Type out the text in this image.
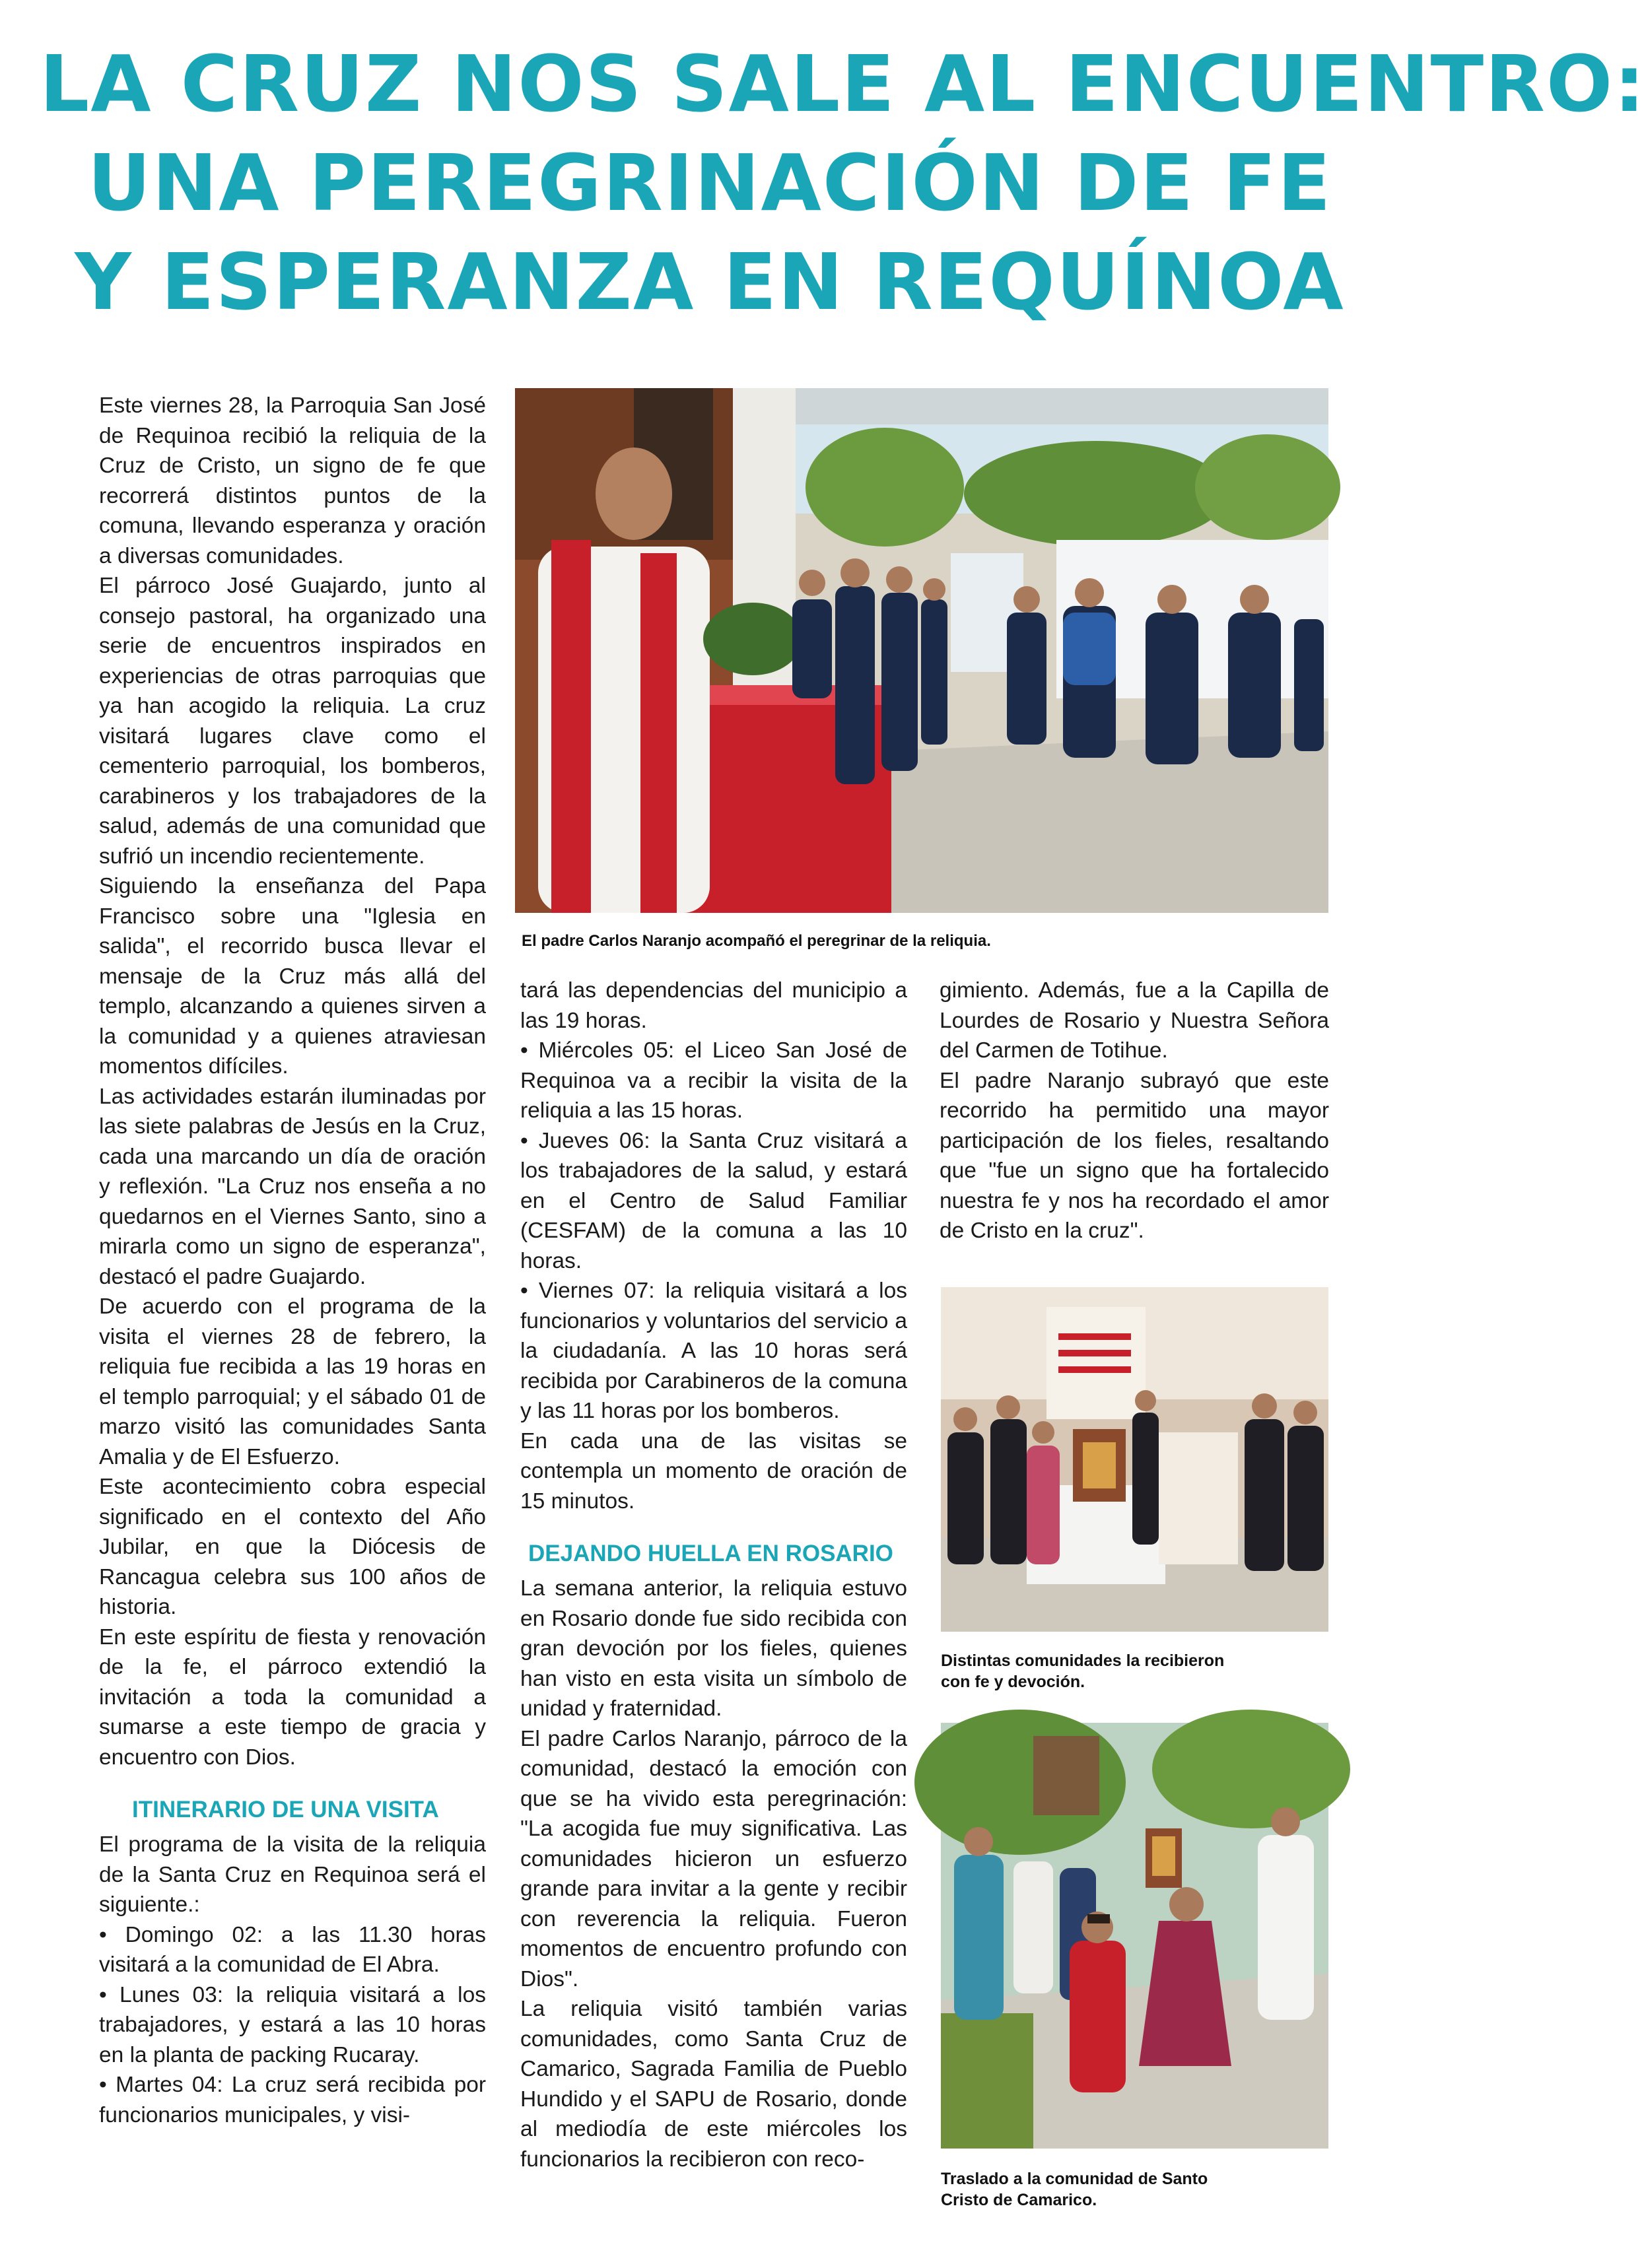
LA CRUZ NOS SALE AL ENCUENTRO:
UNA PEREGRINACIÓN DE FE
Y ESPERANZA EN REQUÍNOA
El padre Carlos Naranjo acompañó el peregrinar de la reliquia.

Este viernes 28, la Parroquia San José de Requinoa recibió la reliquia de la Cruz de Cristo, un signo de fe que recorrerá distintos puntos de la comuna, llevando esperanza y oración a diversas comunidades.

El párroco José Guajardo, junto al consejo pastoral, ha organizado una serie de encuentros inspirados en experiencias de otras parroquias que ya han acogido la reliquia. La cruz visitará lugares clave como el cementerio parroquial, los bomberos, carabineros y los trabajadores de la salud, además de una comunidad que sufrió un incendio recientemente.

Siguiendo la enseñanza del Papa Francisco sobre una "Iglesia en salida", el recorrido busca llevar el mensaje de la Cruz más allá del templo, alcanzando a quienes sirven a la comunidad y a quienes atraviesan momentos difíciles.

Las actividades estarán iluminadas por las siete palabras de Jesús en la Cruz, cada una marcando un día de oración y reflexión. "La Cruz nos enseña a no quedarnos en el Viernes Santo, sino a mirarla como un signo de esperanza", destacó el padre Guajardo.

De acuerdo con el programa de la visita el viernes 28 de febrero, la reliquia fue recibida a las 19 horas en el templo parroquial; y el sábado 01 de marzo visitó las comunidades Santa Amalia y de El Esfuerzo.

Este acontecimiento cobra especial significado en el contexto del Año Jubilar, en que la Diócesis de Rancagua celebra sus 100 años de historia.

En este espíritu de fiesta y renovación de la fe, el párroco extendió la invitación a toda la comunidad a sumarse a este tiempo de gracia y encuentro con Dios.

ITINERARIO DE UNA VISITA

El programa de la visita de la reliquia de la Santa Cruz en Requinoa será el siguiente.:

• Domingo 02: a las 11.30 horas visitará a la comunidad de El Abra.

• Lunes 03: la reliquia visitará a los trabajadores, y estará a las 10 horas en la planta de packing Rucaray.

• Martes 04: La cruz será recibida por funcionarios municipales, y visi-

tará las dependencias del municipio a las 19 horas.

• Miércoles 05: el Liceo San José de Requinoa va a recibir la visita de la reliquia a las 15 horas.

• Jueves 06: la Santa Cruz visitará a los trabajadores de la salud, y estará en el Centro de Salud Familiar (CESFAM) de la comuna a las 10 horas.

• Viernes 07: la reliquia visitará a los funcionarios y voluntarios del servicio a la ciudadanía. A las 10 horas será recibida por Carabineros de la comuna y las 11 horas por los bomberos.

En cada una de las visitas se contempla un momento de oración de 15 minutos.

DEJANDO HUELLA EN ROSARIO

La semana anterior, la reliquia estuvo en Rosario donde fue sido recibida con gran devoción por los fieles, quienes han visto en esta visita un símbolo de unidad y fraternidad.

El padre Carlos Naranjo, párroco de la comunidad, destacó la emoción con que se ha vivido esta peregrinación: "La acogida fue muy significativa. Las comunidades hicieron un esfuerzo grande para invitar a la gente y recibir con reverencia la reliquia. Fueron momentos de encuentro profundo con Dios".

La reliquia visitó también varias comunidades, como Santa Cruz de Camarico, Sagrada Familia de Pueblo Hundido y el SAPU de Rosario, donde al mediodía de este miércoles los funcionarios la recibieron con reco-

gimiento. Además, fue a la Capilla de Lourdes de Rosario y Nuestra Señora del Carmen de Totihue.

El padre Naranjo subrayó que este recorrido ha permitido una mayor participación de los fieles, resaltando que "fue un signo que ha fortalecido nuestra fe y nos ha recordado el amor de Cristo en la cruz".

Distintas comunidades la recibieron con fe y devoción.
Traslado a la comunidad de Santo Cristo de Camarico.
